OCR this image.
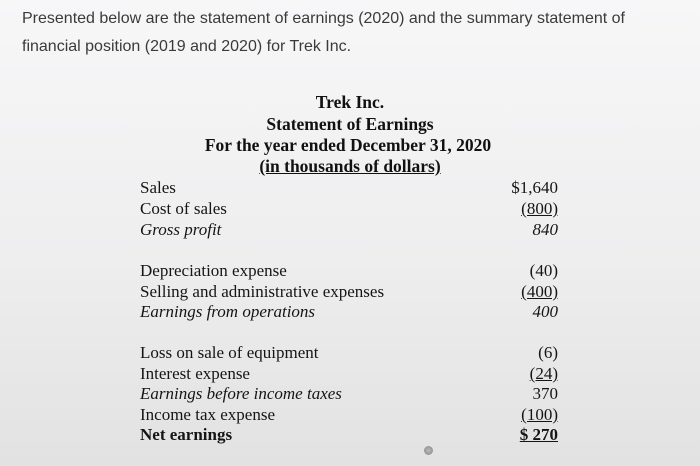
Presented below are the statement of earnings (2020) and the summary statement of financial position (2019 and 2020) for Trek Inc.
Trek Inc.
Statement of Earnings
For the year ended December 31, 2020
(in thousands of dollars)
Sales	$1,640
Cost of sales	(800)
Gross profit	840
Depreciation expense	(40)
Selling and administrative expenses	(400)
Earnings from operations	400
Loss on sale of equipment	(6)
Interest expense	(24)
Earnings before income taxes	370
Income tax expense	(100)
Net earnings	$ 270
